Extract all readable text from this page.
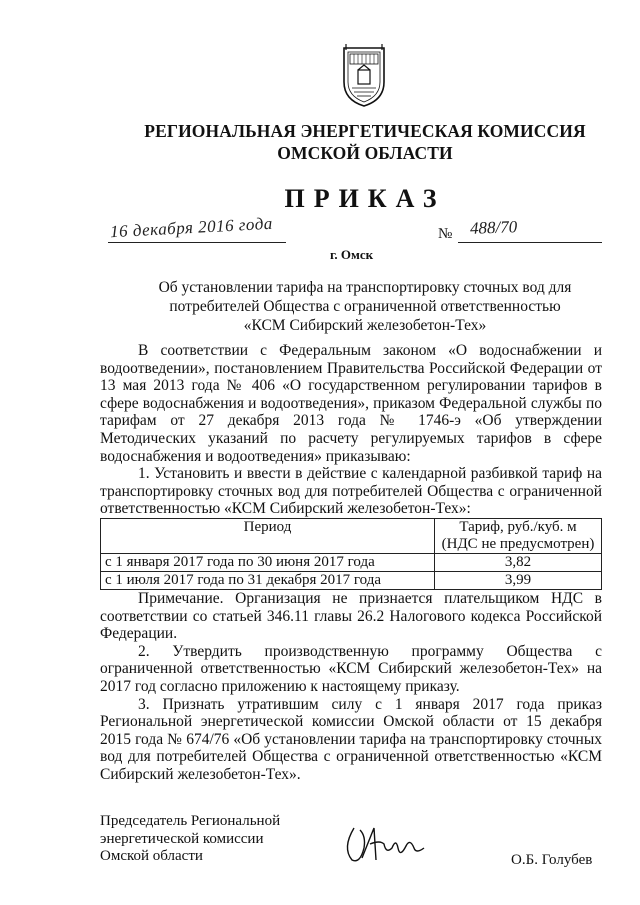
РЕГИОНАЛЬНАЯ ЭНЕРГЕТИЧЕСКАЯ КОМИССИЯ
ОМСКОЙ ОБЛАСТИ
ПРИКАЗ
16 декабря 2016 года	№ 488/70
г. Омск
Об установлении тарифа на транспортировку сточных вод для
потребителей Общества с ограниченной ответственностью
«КСМ Сибирский железобетон-Тех»

В соответствии с Федеральным законом «О водоснабжении и водоотведении», постановлением Правительства Российской Федерации от 13 мая 2013 года № 406 «О государственном регулировании тарифов в сфере водоснабжения и водоотведения», приказом Федеральной службы по тарифам от 27 декабря 2013 года № 1746-э «Об утверждении Методических указаний по расчету регулируемых тарифов в сфере водоснабжения и водоотведения» приказываю:

1. Установить и ввести в действие с календарной разбивкой тариф на транспортировку сточных вод для потребителей Общества с ограниченной ответственностью «КСМ Сибирский железобетон-Тех»:

Период	Тариф, руб./куб. м
(НДС не предусмотрен)

с 1 января 2017 года по 30 июня 2017 года	3,82
с 1 июля 2017 года по 31 декабря 2017 года	3,99

Примечание. Организация не признается плательщиком НДС в соответствии со статьей 346.11 главы 26.2 Налогового кодекса Российской Федерации.

2. Утвердить производственную программу Общества с ограниченной ответственностью «КСМ Сибирский железобетон-Тех» на 2017 год согласно приложению к настоящему приказу.

3. Признать утратившим силу с 1 января 2017 года приказ Региональной энергетической комиссии Омской области от 15 декабря 2015 года № 674/76 «Об установлении тарифа на транспортировку сточных вод для потребителей Общества с ограниченной ответственностью «КСМ Сибирский железобетон-Тех».

Председатель Региональной
энергетической комиссии
Омской области	О.Б. Голубев
